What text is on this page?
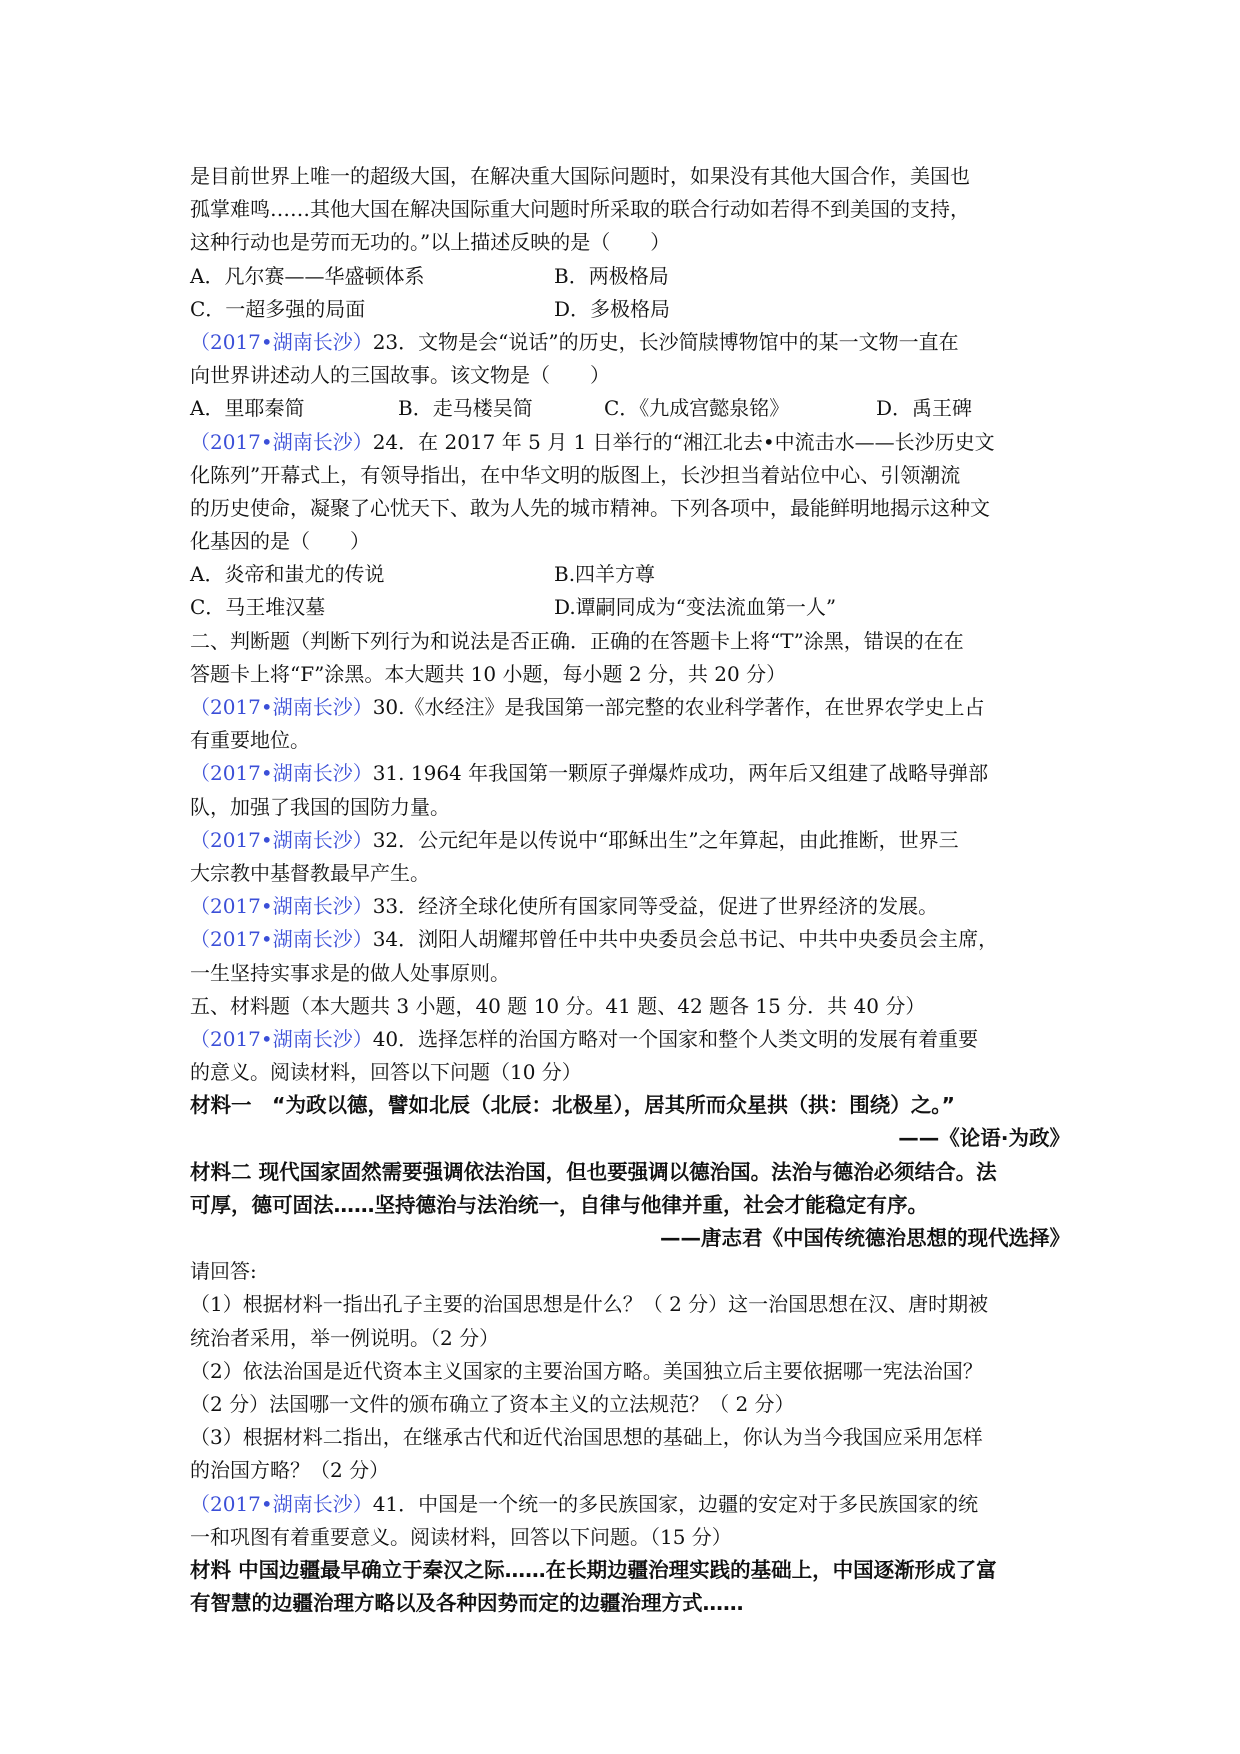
是目前世界上唯一的超级大国，在解决重大国际问题时，如果没有其他大国合作，美国也
孤掌难鸣……其他大国在解决国际重大问题时所采取的联合行动如若得不到美国的支持，
这种行动也是劳而无功的。”以上描述反映的是（　　）
A．凡尔赛——华盛顿体系	B．两极格局
C．一超多强的局面	D．多极格局
（2017•湖南长沙）23．文物是会“说话”的历史，长沙简牍博物馆中的某一文物一直在
向世界讲述动人的三国故事。该文物是（　　）
A．里耶秦简	B．走马楼吴简	C．《九成宫懿泉铭》	D．禹王碑
（2017•湖南长沙）24．在 2017 年 5 月 1 日举行的“湘江北去•中流击水——长沙历史文
化陈列”开幕式上，有领导指出，在中华文明的版图上，长沙担当着站位中心、引领潮流
的历史使命，凝聚了心忧天下、敢为人先的城市精神。下列各项中，最能鲜明地揭示这种文
化基因的是（　　）
A．炎帝和蚩尤的传说	B.四羊方尊
C．马王堆汉墓	D.谭嗣同成为“变法流血第一人”
二、判断题（判断下列行为和说法是否正确．正确的在答题卡上将“T”涂黑，错误的在在
答题卡上将“F”涂黑。本大题共 10 小题，每小题 2 分，共 20 分）
（2017•湖南长沙）30.《水经注》是我国第一部完整的农业科学著作，在世界农学史上占
有重要地位。
（2017•湖南长沙）31. 1964 年我国第一颗原子弹爆炸成功，两年后又组建了战略导弹部
队，加强了我国的国防力量。
（2017•湖南长沙）32．公元纪年是以传说中“耶稣出生”之年算起，由此推断，世界三
大宗教中基督教最早产生。
（2017•湖南长沙）33．经济全球化使所有国家同等受益，促进了世界经济的发展。
（2017•湖南长沙）34．浏阳人胡耀邦曾任中共中央委员会总书记、中共中央委员会主席，
一生坚持实事求是的做人处事原则。
五、材料题（本大题共 3 小题，40 题 10 分。41 题、42 题各 15 分．共 40 分）
（2017•湖南长沙）40．选择怎样的治国方略对一个国家和整个人类文明的发展有着重要
的意义。阅读材料，回答以下问题（10 分）
材料一　“为政以德，譬如北辰（北辰：北极星），居其所而众星拱（拱：围绕）之。”
——《论语·为政》
材料二 现代国家固然需要强调依法治国，但也要强调以德治国。法治与德治必须结合。法
可厚，德可固法……坚持德治与法治统一，自律与他律并重，社会才能稳定有序。
——唐志君《中国传统德治思想的现代选择》
请回答:
（1）根据材料一指出孔子主要的治国思想是什么？（ 2 分）这一治国思想在汉、唐时期被
统治者采用，举一例说明。（2 分）
（2）依法治国是近代资本主义国家的主要治国方略。美国独立后主要依据哪一宪法治国？
（2 分）法国哪一文件的颁布确立了资本主义的立法规范？（ 2 分）
（3）根据材料二指出，在继承古代和近代治国思想的基础上，你认为当今我国应采用怎样
的治国方略？（2 分）
（2017•湖南长沙）41．中国是一个统一的多民族国家，边疆的安定对于多民族国家的统
一和巩图有着重要意义。阅读材料，回答以下问题。（15 分）
材料 中国边疆最早确立于秦汉之际……在长期边疆治理实践的基础上，中国逐渐形成了富
有智慧的边疆治理方略以及各种因势而定的边疆治理方式……
